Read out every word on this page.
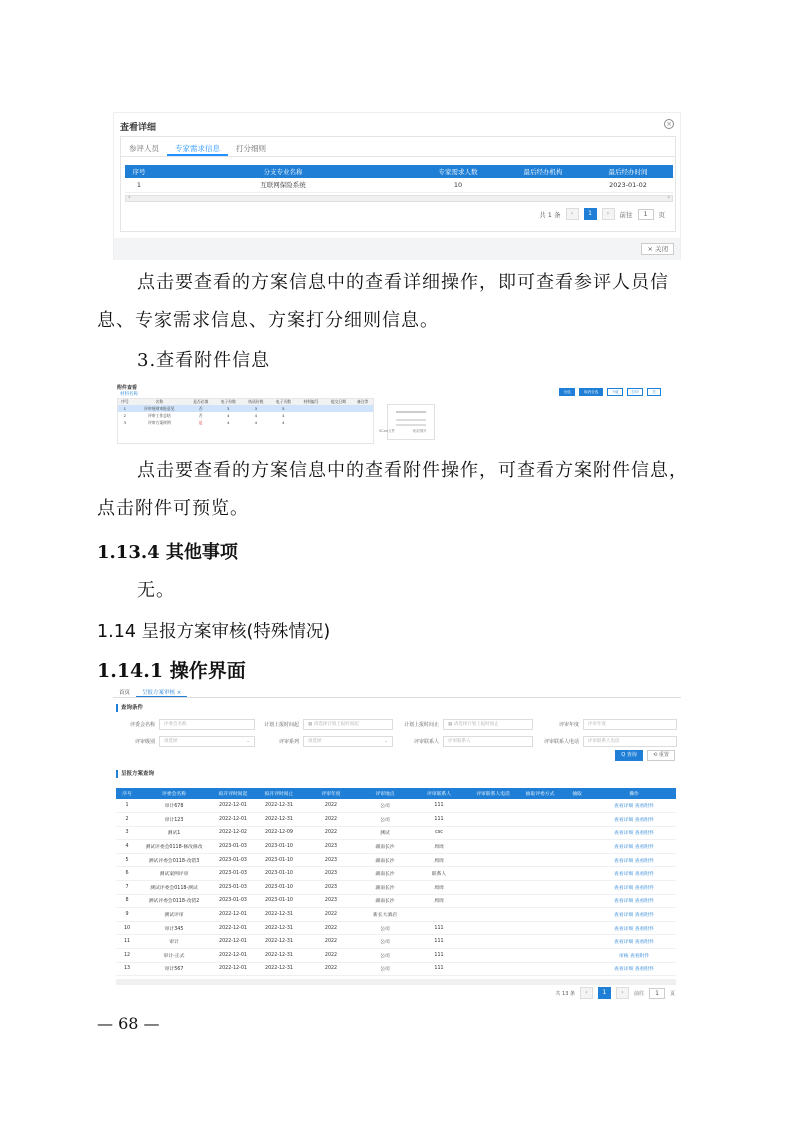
查看详细	×
参评人员	专家需求信息	打分细则
序号	分支专业名称	专家需求人数	最后经办机构	最后经办时间
1	互联网保险系统	10		2023-01-02
‹	›
共 1 条	‹	1	›	前往	1	页
× 关闭
点击要查看的方案信息中的查看详细操作，即可查看参评人员信息、专家需求信息、方案打分细则信息。
3.查看附件信息
附件查看
材料名称
序号	名称	是否必填	电子份数	纸质份数	电子页数	材料编号	提交日期	备注等
1	评审规则审批意见	否	3	3	5			
2	评审工作总结	否	4	4	4			
3	评审方案样例	是	4	4	4			
全选	取消全选	下载	打印	关
SCan文件	相应图片
点击要查看的方案信息中的查看附件操作，可查看方案附件信息，点击附件可预览。
1.13.4 其他事项
无。
1.14 呈报方案审核(特殊情况)
1.14.1 操作界面
首页	呈报方案审核 ×
查询条件
评委会名称	评委会名称	计划上报时间起	▦ 请选择计划上报时间起	计划上报时间止	▦ 请选择计划上报时间止	评审年度	评审年度
评审级别	请选择	⌄	评审系列	请选择	⌄	评审联系人	评审联系人	评审联系人电话	评审联系人电话
Q 查询	⟲ 重置
呈报方案查询
序号	评委会名称	拟开评时间起	拟开评时间止	评审年度	评审地点	评审联系人	评审联系人电话	抽取评委方式	抽取	操作
1	审计678	2022-12-01	2022-12-31	2022	公司	111				查看详细 查看附件
2	审计123	2022-12-01	2022-12-31	2022	公司	111				查看详细 查看附件
3	测试1	2022-12-02	2022-12-09	2022	测试	csc				查看详细 查看附件
4	测试评委会0118-修改修改	2023-01-03	2023-01-10	2023	湖南长沙	周周				查看详细 查看附件
5	测试评委会0118-改错3	2023-01-03	2023-01-10	2023	湖南长沙	周周				查看详细 查看附件
6	测试案例评审	2023-01-03	2023-01-10	2023	湖南长沙	联系人				查看详细 查看附件
7	测试评委会0118-测试	2023-01-03	2023-01-10	2023	湖南长沙	周周				查看详细 查看附件
8	测试评委会0118-改错2	2023-01-03	2023-01-10	2023	湖南长沙	周周				查看详细 查看附件
9	测试评审	2022-12-01	2022-12-31	2022	新长大酒店					查看详细 查看附件
10	审计345	2022-12-01	2022-12-31	2022	公司	111				查看详细 查看附件
11	审计	2022-12-01	2022-12-31	2022	公司	111				查看详细 查看附件
12	审计-正式	2022-12-01	2022-12-31	2022	公司	111				审核 查看附件
13	审计567	2022-12-01	2022-12-31	2022	公司	111				查看详细 查看附件
共 13 条	‹	1	›	前往	1	页
— 68 —
